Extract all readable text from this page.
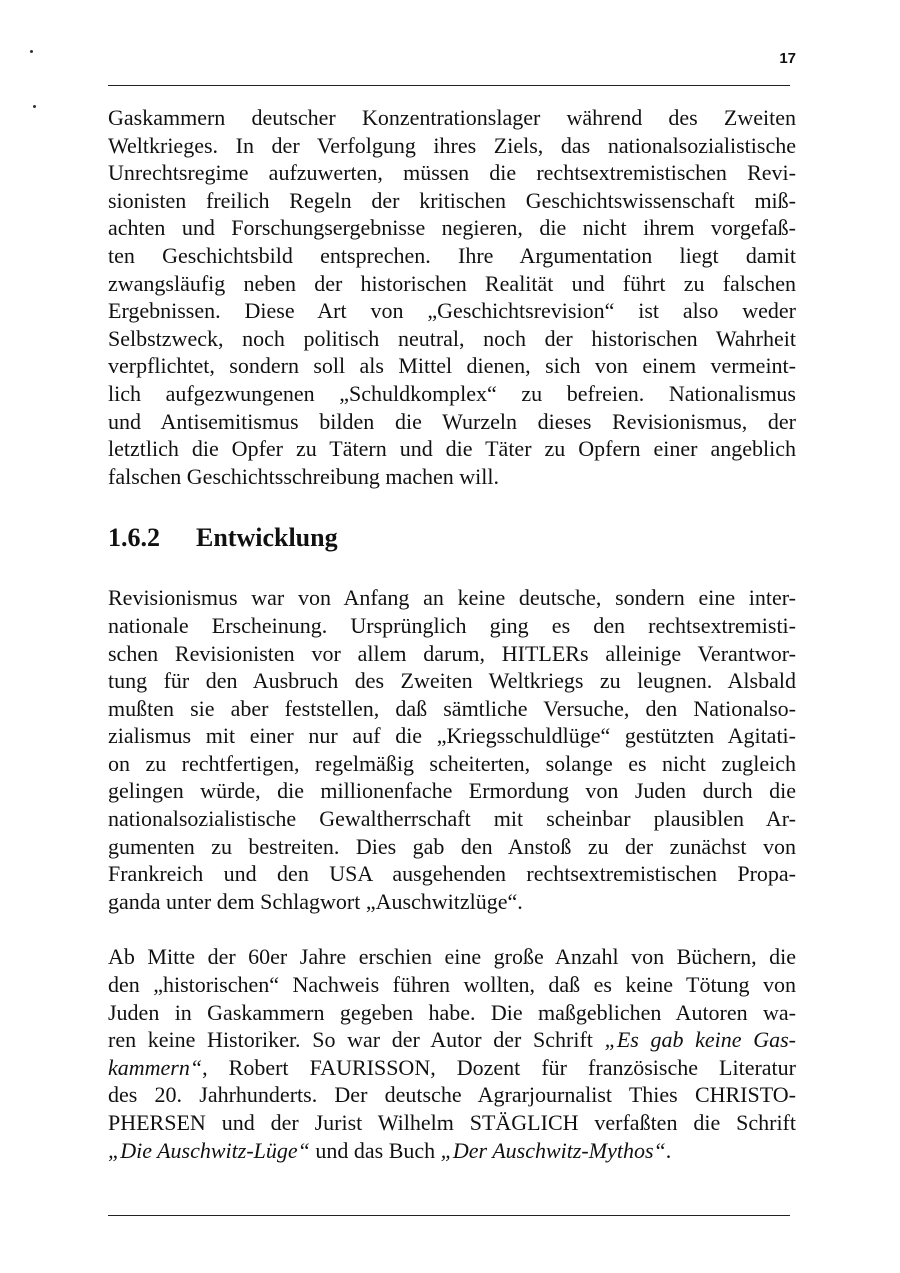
17
Gaskammern deutscher Konzentrationslager während des Zweiten
Weltkrieges. In der Verfolgung ihres Ziels, das nationalsozialistische
Unrechtsregime aufzuwerten, müssen die rechtsextremistischen Revi-
sionisten freilich Regeln der kritischen Geschichtswissenschaft miß-
achten und Forschungsergebnisse negieren, die nicht ihrem vorgefaß-
ten Geschichtsbild entsprechen. Ihre Argumentation liegt damit
zwangsläufig neben der historischen Realität und führt zu falschen
Ergebnissen. Diese Art von „Geschichtsrevision“ ist also weder
Selbstzweck, noch politisch neutral, noch der historischen Wahrheit
verpflichtet, sondern soll als Mittel dienen, sich von einem vermeint-
lich aufgezwungenen „Schuldkomplex“ zu befreien. Nationalismus
und Antisemitismus bilden die Wurzeln dieses Revisionismus, der
letztlich die Opfer zu Tätern und die Täter zu Opfern einer angeblich
falschen Geschichtsschreibung machen will.
1.6.2 Entwicklung
Revisionismus war von Anfang an keine deutsche, sondern eine inter-
nationale Erscheinung. Ursprünglich ging es den rechtsextremisti-
schen Revisionisten vor allem darum, HITLERs alleinige Verantwor-
tung für den Ausbruch des Zweiten Weltkriegs zu leugnen. Alsbald
mußten sie aber feststellen, daß sämtliche Versuche, den Nationalso-
zialismus mit einer nur auf die „Kriegsschuldlüge“ gestützten Agitati-
on zu rechtfertigen, regelmäßig scheiterten, solange es nicht zugleich
gelingen würde, die millionenfache Ermordung von Juden durch die
nationalsozialistische Gewaltherrschaft mit scheinbar plausiblen Ar-
gumenten zu bestreiten. Dies gab den Anstoß zu der zunächst von
Frankreich und den USA ausgehenden rechtsextremistischen Propa-
ganda unter dem Schlagwort „Auschwitzlüge“.
Ab Mitte der 60er Jahre erschien eine große Anzahl von Büchern, die
den „historischen“ Nachweis führen wollten, daß es keine Tötung von
Juden in Gaskammern gegeben habe. Die maßgeblichen Autoren wa-
ren keine Historiker. So war der Autor der Schrift „Es gab keine Gas-
kammern“, Robert FAURISSON, Dozent für französische Literatur
des 20. Jahrhunderts. Der deutsche Agrarjournalist Thies CHRISTO-
PHERSEN und der Jurist Wilhelm STÄGLICH verfaßten die Schrift
„Die Auschwitz-Lüge“ und das Buch „Der Auschwitz-Mythos“.
